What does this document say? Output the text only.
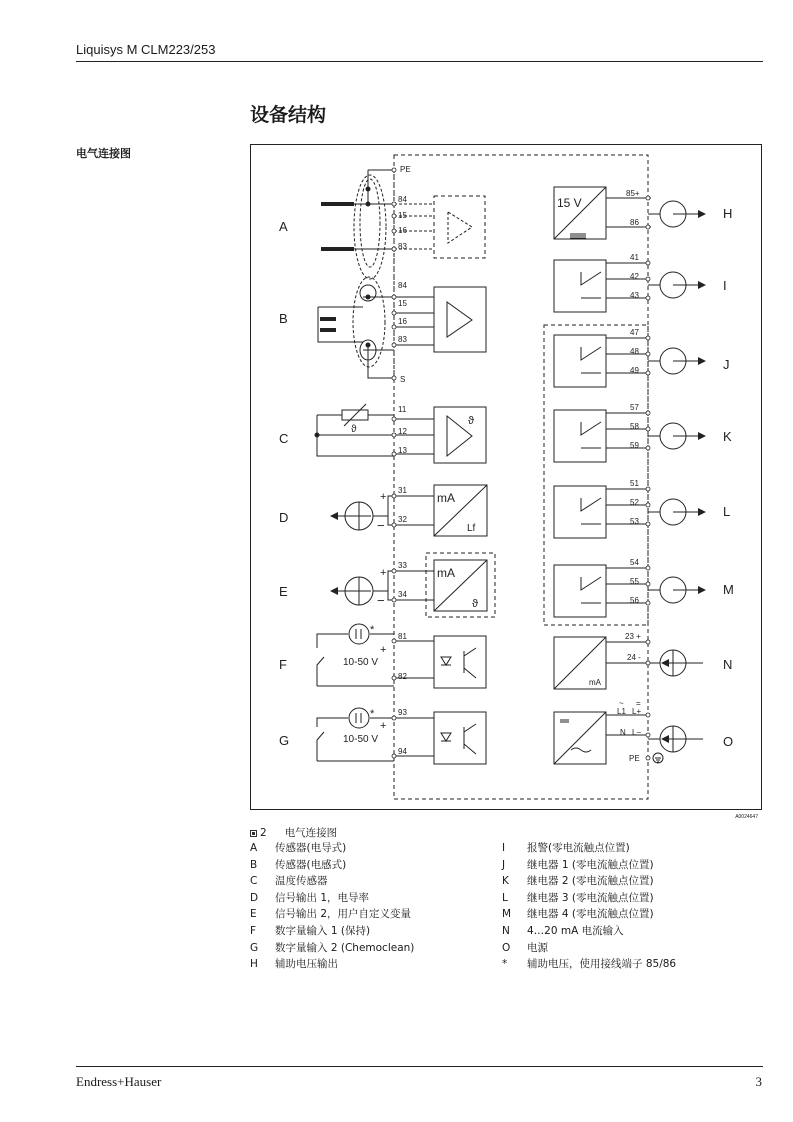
Liquisys M CLM223/253
设备结构
电气连接图
A
B
C
D
E
F
G
H
I
J
K
L
M
N
O
PE
84
15
16
83
84
15
16
83
S
11
12
13
31
32
33
34
81
82
93
94
85+
86
41
42
43
47
48
49
57
58
59
51
52
53
54
55
56
23 +
24 -
L1 L+
N L−
PE
~ =
15 V
mA
Lf
mA
ϑ
ϑ
ϑ
mA
10-50 V
10-50 V
*
*
+
+
+
−
+
−
A0024647
2 电气连接图
A	传感器(电导式)
B	传感器(电感式)
C	温度传感器
D	信号输出 1，电导率
E	信号输出 2，用户自定义变量
F	数字量输入 1 (保持)
G	数字量输入 2 (Chemoclean)
H	辅助电压输出
I	报警(零电流触点位置)
J	继电器 1 (零电流触点位置)
K	继电器 2 (零电流触点位置)
L	继电器 3 (零电流触点位置)
M	继电器 4 (零电流触点位置)
N	4…20 mA 电流输入
O	电源
*	辅助电压，使用接线端子 85/86
Endress+Hauser	3
